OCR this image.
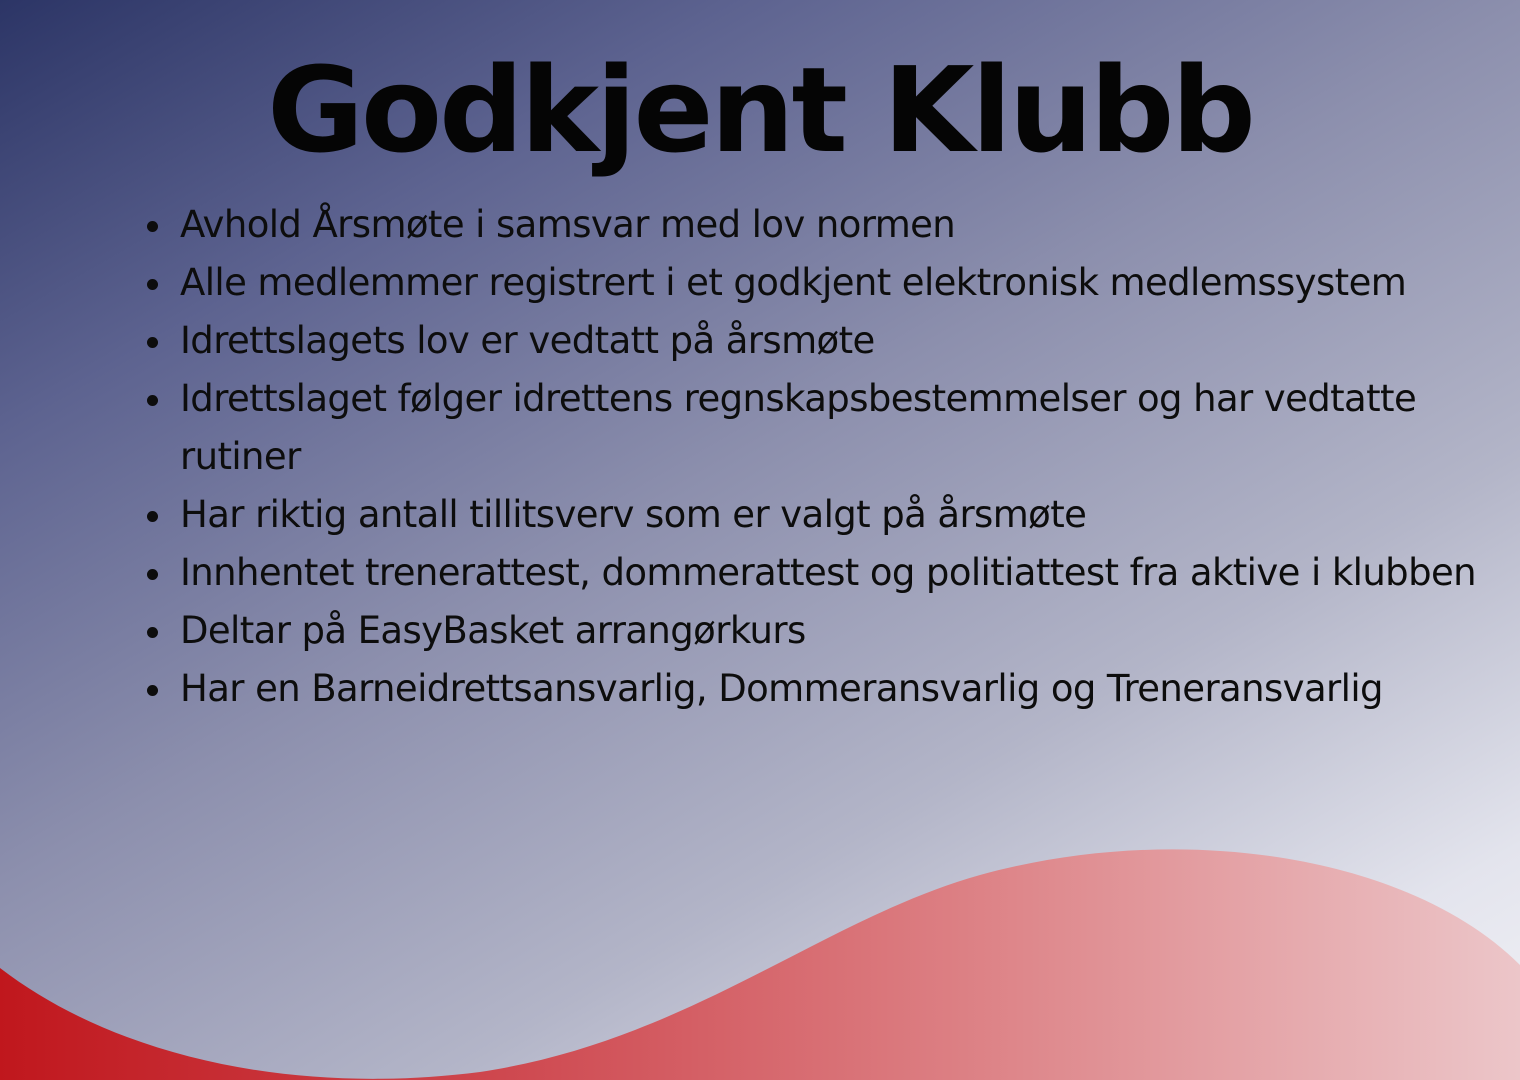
Godkjent Klubb
Avhold Årsmøte i samsvar med lov normen
Alle medlemmer registrert i et godkjent elektronisk medlemssystem
Idrettslagets lov er vedtatt på årsmøte
Idrettslaget følger idrettens regnskapsbestemmelser og har vedtatte rutiner
Har riktig antall tillitsverv som er valgt på årsmøte
Innhentet trenerattest, dommerattest og politiattest fra aktive i klubben
Deltar på EasyBasket arrangørkurs
Har en Barneidrettsansvarlig, Dommeransvarlig og Treneransvarlig
